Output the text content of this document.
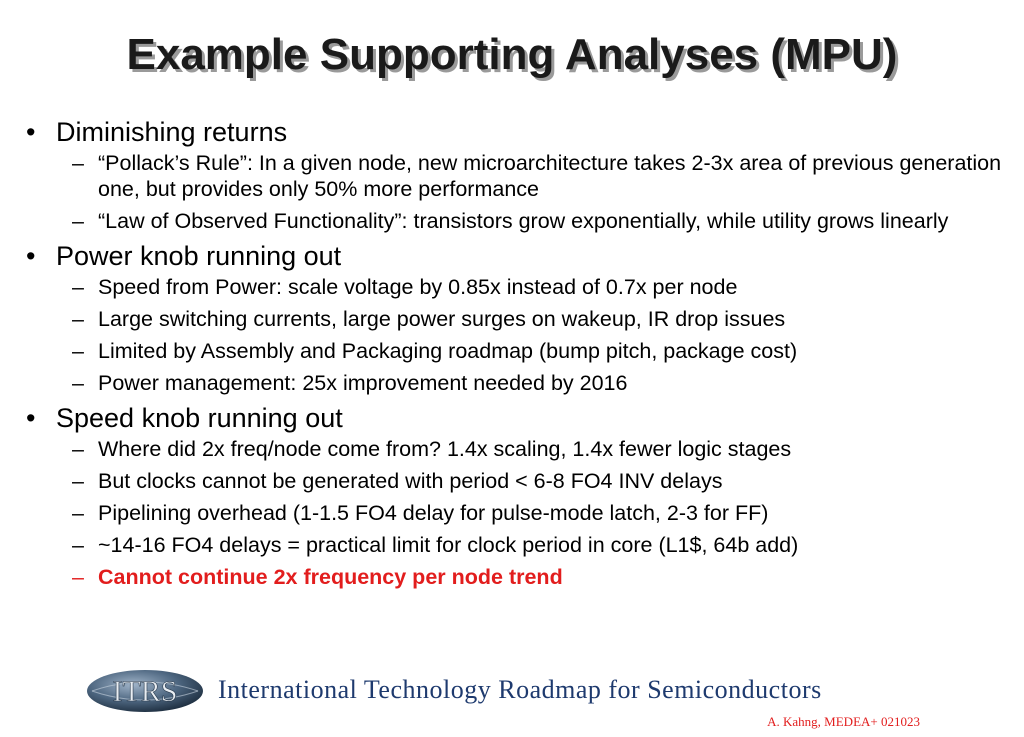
Example Supporting Analyses (MPU)
• Diminishing returns
– “Pollack’s Rule”: In a given node, new microarchitecture takes 2-3x area of previous generation one, but provides only 50% more performance
– “Law of Observed Functionality”: transistors grow exponentially, while utility grows linearly
• Power knob running out
– Speed from Power: scale voltage by 0.85x instead of 0.7x per node
– Large switching currents, large power surges on wakeup, IR drop issues
– Limited by Assembly and Packaging roadmap (bump pitch, package cost)
– Power management: 25x improvement needed by 2016
• Speed knob running out
– Where did 2x freq/node come from? 1.4x scaling, 1.4x fewer logic stages
– But clocks cannot be generated with period < 6-8 FO4 INV delays
– Pipelining overhead (1-1.5 FO4 delay for pulse-mode latch, 2-3 for FF)
– ~14-16 FO4 delays = practical limit for clock period in core (L1$, 64b add)
– Cannot continue 2x frequency per node trend
ITRS International Technology Roadmap for Semiconductors
A. Kahng, MEDEA+ 021023
